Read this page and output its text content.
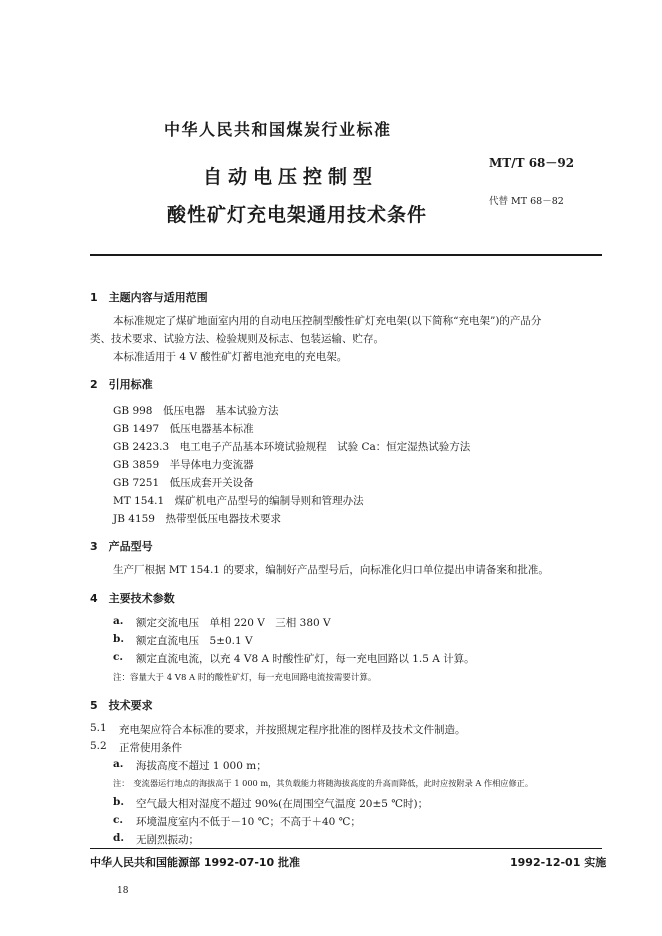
中华人民共和国煤炭行业标准
自动电压控制型
酸性矿灯充电架通用技术条件
MT/T 68－92
代替 MT 68－82
1　主题内容与适用范围
本标准规定了煤矿地面室内用的自动电压控制型酸性矿灯充电架(以下简称“充电架”)的产品分
类、技术要求、试验方法、检验规则及标志、包装运输、贮存。
本标准适用于 4 V 酸性矿灯蓄电池充电的充电架。
2　引用标准
GB 998　低压电器　基本试验方法
GB 1497　低压电器基本标准
GB 2423.3　电工电子产品基本环境试验规程　试验 Ca：恒定湿热试验方法
GB 3859　半导体电力变流器
GB 7251　低压成套开关设备
MT 154.1　煤矿机电产品型号的编制导则和管理办法
JB 4159　热带型低压电器技术要求
3　产品型号
生产厂根据 MT 154.1 的要求，编制好产品型号后，向标准化归口单位提出申请备案和批准。
4　主要技术参数
a. 额定交流电压　单相 220 V　三相 380 V
b. 额定直流电压　5±0.1 V
c. 额定直流电流，以充 4 V8 A 时酸性矿灯，每一充电回路以 1.5 A 计算。
注：容量大于 4 V8 A 时的酸性矿灯，每一充电回路电流按需要计算。
5　技术要求
5.1 充电架应符合本标准的要求，并按照规定程序批准的图样及技术文件制造。
5.2 正常使用条件
a. 海拔高度不超过 1 000 m；
注：　变流器运行地点的海拔高于 1 000 m，其负载能力将随海拔高度的升高而降低，此时应按附录 A 作相应修正。
b. 空气最大相对湿度不超过 90%(在周围空气温度 20±5 ℃时)；
c. 环境温度室内不低于－10 ℃；不高于＋40 ℃；
d. 无剧烈振动；
中华人民共和国能源部 1992-07-10 批准	1992-12-01 实施
18
